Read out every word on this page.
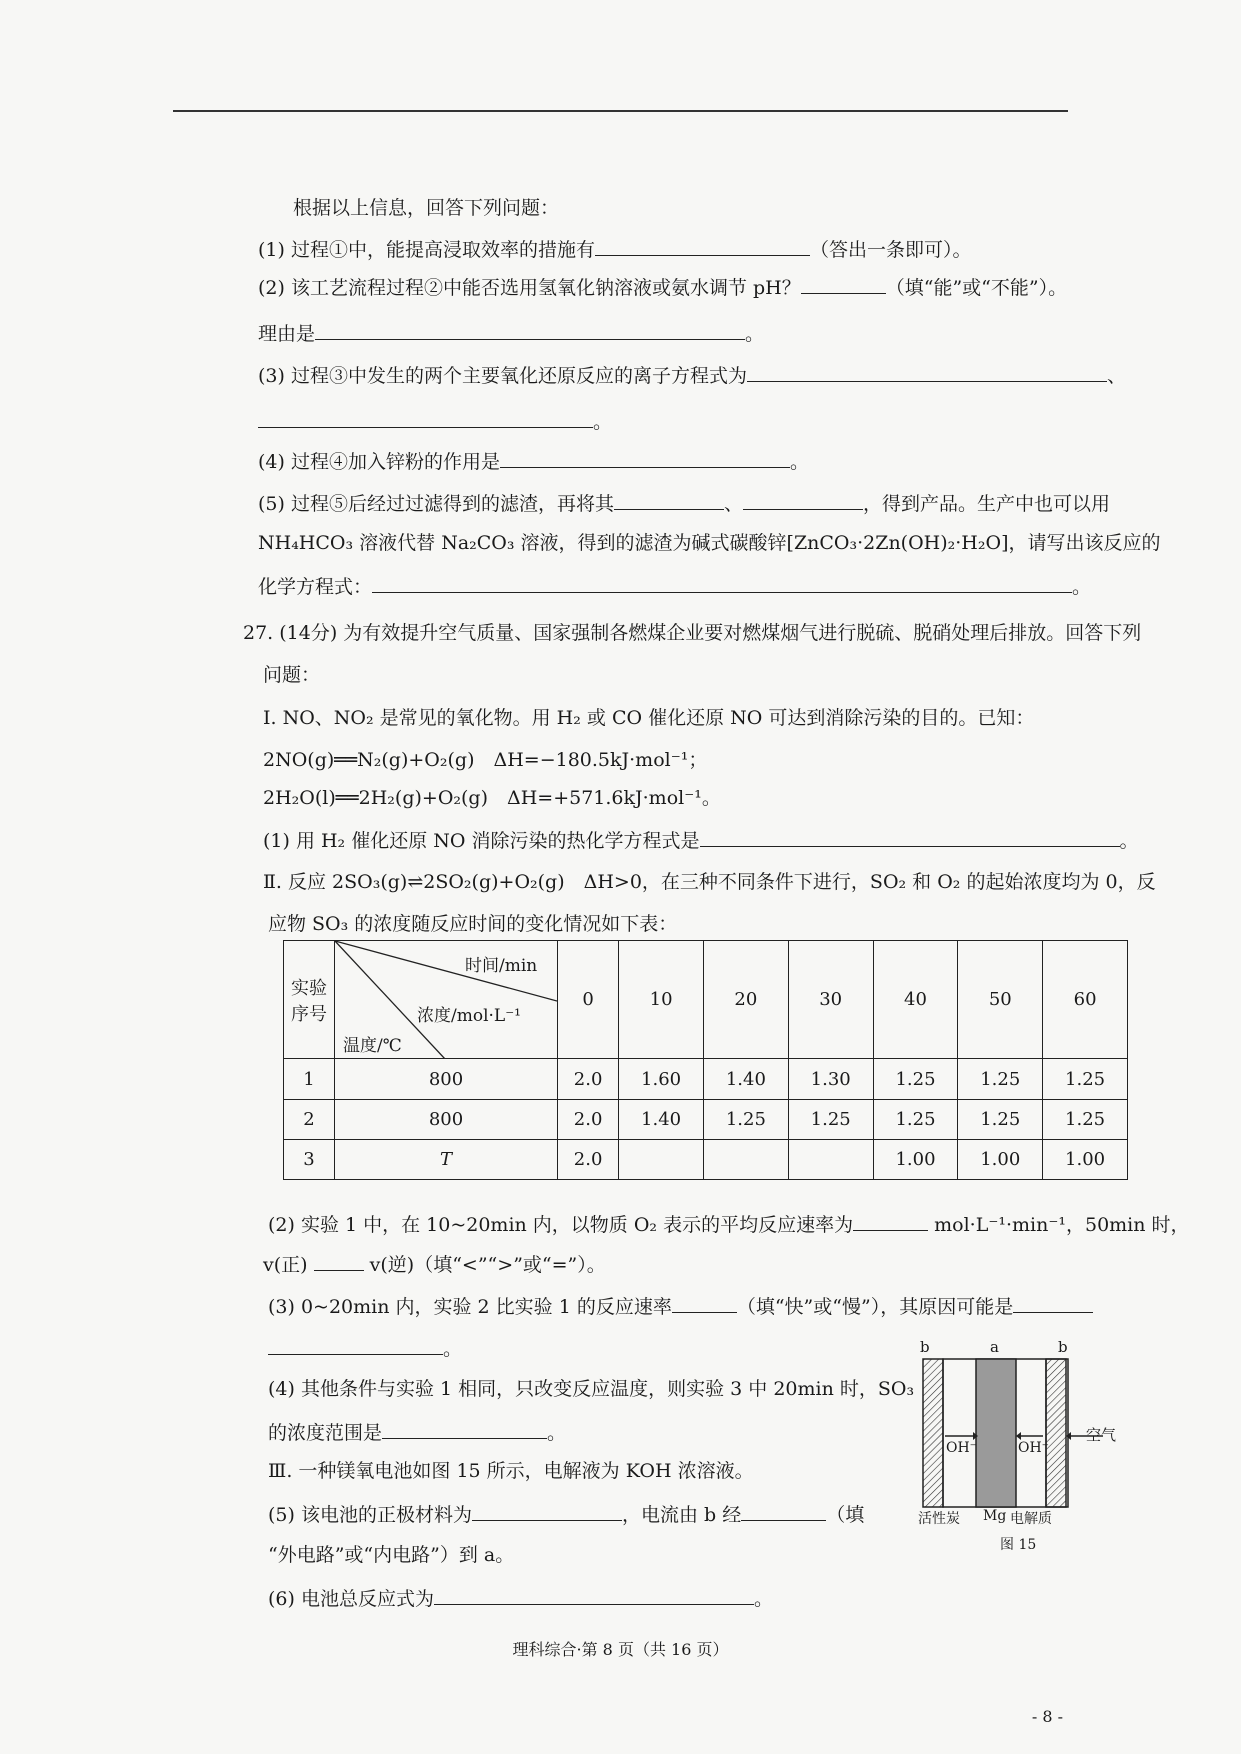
根据以上信息，回答下列问题：
(1) 过程①中，能提高浸取效率的措施有	（答出一条即可）。
(2) 该工艺流程过程②中能否选用氢氧化钠溶液或氨水调节 pH？	（填“能”或“不能”）。
理由是	。
(3) 过程③中发生的两个主要氧化还原反应的离子方程式为	、
。
(4) 过程④加入锌粉的作用是	。
(5) 过程⑤后经过过滤得到的滤渣，再将其	、	，得到产品。生产中也可以用
NH₄HCO₃ 溶液代替 Na₂CO₃ 溶液，得到的滤渣为碱式碳酸锌[ZnCO₃·2Zn(OH)₂·H₂O]，请写出该反应的
化学方程式：	。
27. (14分) 为有效提升空气质量、国家强制各燃煤企业要对燃煤烟气进行脱硫、脱硝处理后排放。回答下列
问题：
Ⅰ. NO、NO₂ 是常见的氧化物。用 H₂ 或 CO 催化还原 NO 可达到消除污染的目的。已知：
2NO(g)══N₂(g)+O₂(g)　ΔH=−180.5kJ·mol⁻¹；
2H₂O(l)══2H₂(g)+O₂(g)　ΔH=+571.6kJ·mol⁻¹。
(1) 用 H₂ 催化还原 NO 消除污染的热化学方程式是	。
Ⅱ. 反应 2SO₃(g)⇌2SO₂(g)+O₂(g)　ΔH>0，在三种不同条件下进行，SO₂ 和 O₂ 的起始浓度均为 0，反
应物 SO₃ 的浓度随反应时间的变化情况如下表：
实验序号	时间/min
浓度/mol·L⁻¹
温度/℃	0	10	20	30	40	50	60
1	800	2.0	1.60	1.40	1.30	1.25	1.25	1.25
2	800	2.0	1.40	1.25	1.25	1.25	1.25	1.25
3	T	2.0				1.00	1.00	1.00
(2) 实验 1 中，在 10~20min 内，以物质 O₂ 表示的平均反应速率为	mol·L⁻¹·min⁻¹，50min 时，
v(正)	v(逆)（填“<”“>”或“=”）。
(3) 0~20min 内，实验 2 比实验 1 的反应速率	（填“快”或“慢”），其原因可能是
。
(4) 其他条件与实验 1 相同，只改变反应温度，则实验 3 中 20min 时，SO₃
的浓度范围是	。
Ⅲ. 一种镁氧电池如图 15 所示，电解液为 KOH 浓溶液。
(5) 该电池的正极材料为	，电流由 b 经	（填
“外电路”或“内电路”）到 a。
(6) 电池总反应式为	。
b	a	b
OH⁻	OH⁻
空气
活性炭 Mg 电解质
图 15
理科综合·第 8 页（共 16 页）
- 8 -
